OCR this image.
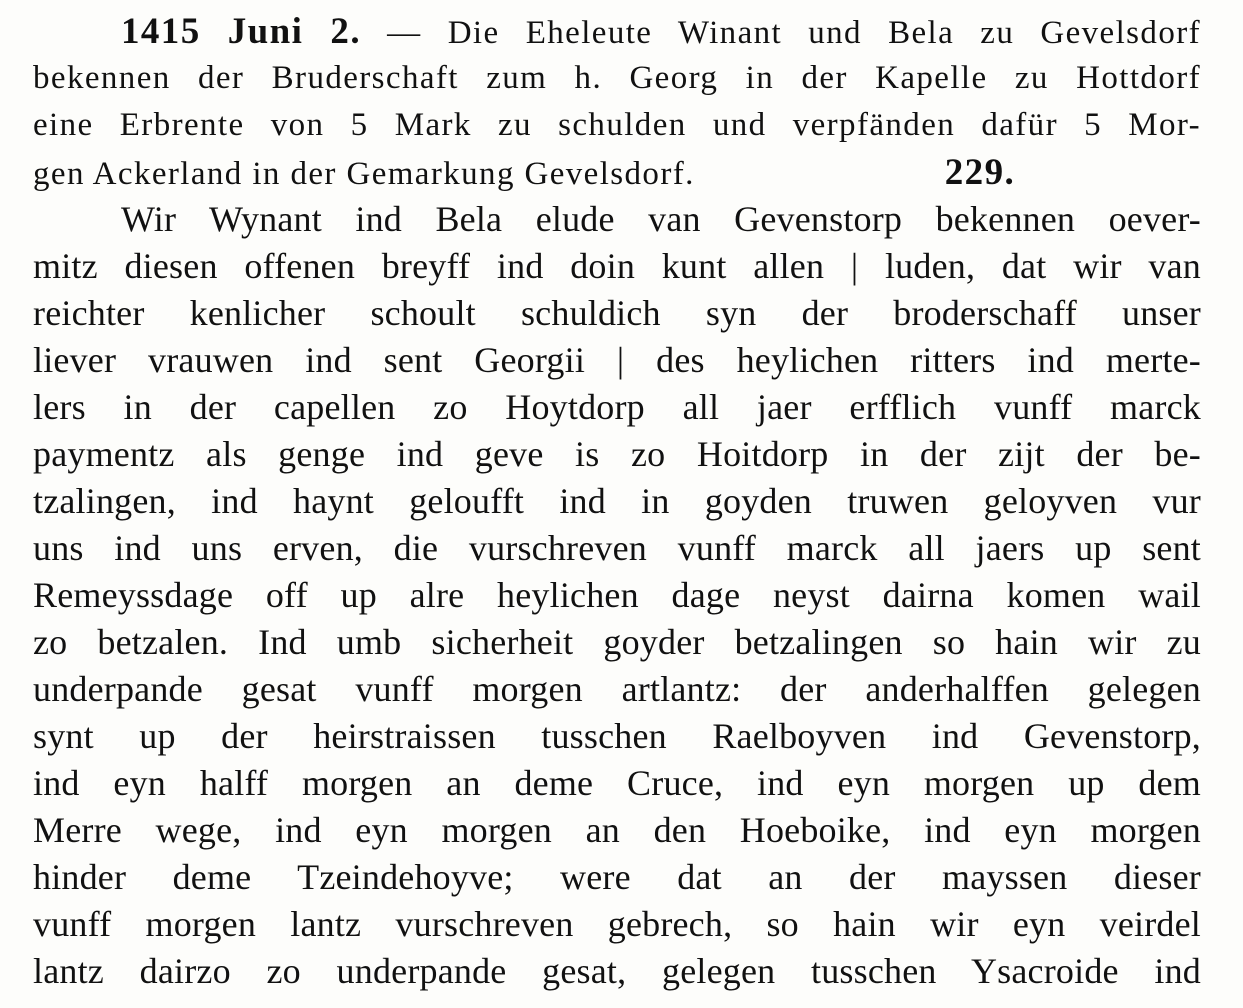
1415 Juni 2. — Die Eheleute Winant und Bela zu Gevelsdorf
bekennen der Bruderschaft zum h. Georg in der Kapelle zu Hottdorf
eine Erbrente von 5 Mark zu schulden und verpfänden dafür 5 Mor-
gen Ackerland in der Gemarkung Gevelsdorf.	229.
Wir Wynant ind Bela elude van Gevenstorp bekennen oever-
mitz diesen offenen breyff ind doin kunt allen | luden, dat wir van
reichter kenlicher schoult schuldich syn der broderschaff unser
liever vrauwen ind sent Georgii | des heylichen ritters ind merte-
lers in der capellen zo Hoytdorp all jaer erfflich vunff marck
paymentz als genge ind geve is zo Hoitdorp in der zijt der be-
tzalingen, ind haynt geloufft ind in goyden truwen geloyven vur
uns ind uns erven, die vurschreven vunff marck all jaers up sent
Remeyssdage off up alre heylichen dage neyst dairna komen wail
zo betzalen. Ind umb sicherheit goyder betzalingen so hain wir zu
underpande gesat vunff morgen artlantz: der anderhalffen gelegen
synt up der heirstraissen tusschen Raelboyven ind Gevenstorp,
ind eyn halff morgen an deme Cruce, ind eyn morgen up dem
Merre wege, ind eyn morgen an den Hoeboike, ind eyn morgen
hinder deme Tzeindehoyve; were dat an der mayssen dieser
vunff morgen lantz vurschreven gebrech, so hain wir eyn veirdel
lantz dairzo zo underpande gesat, gelegen tusschen Ysacroide ind
